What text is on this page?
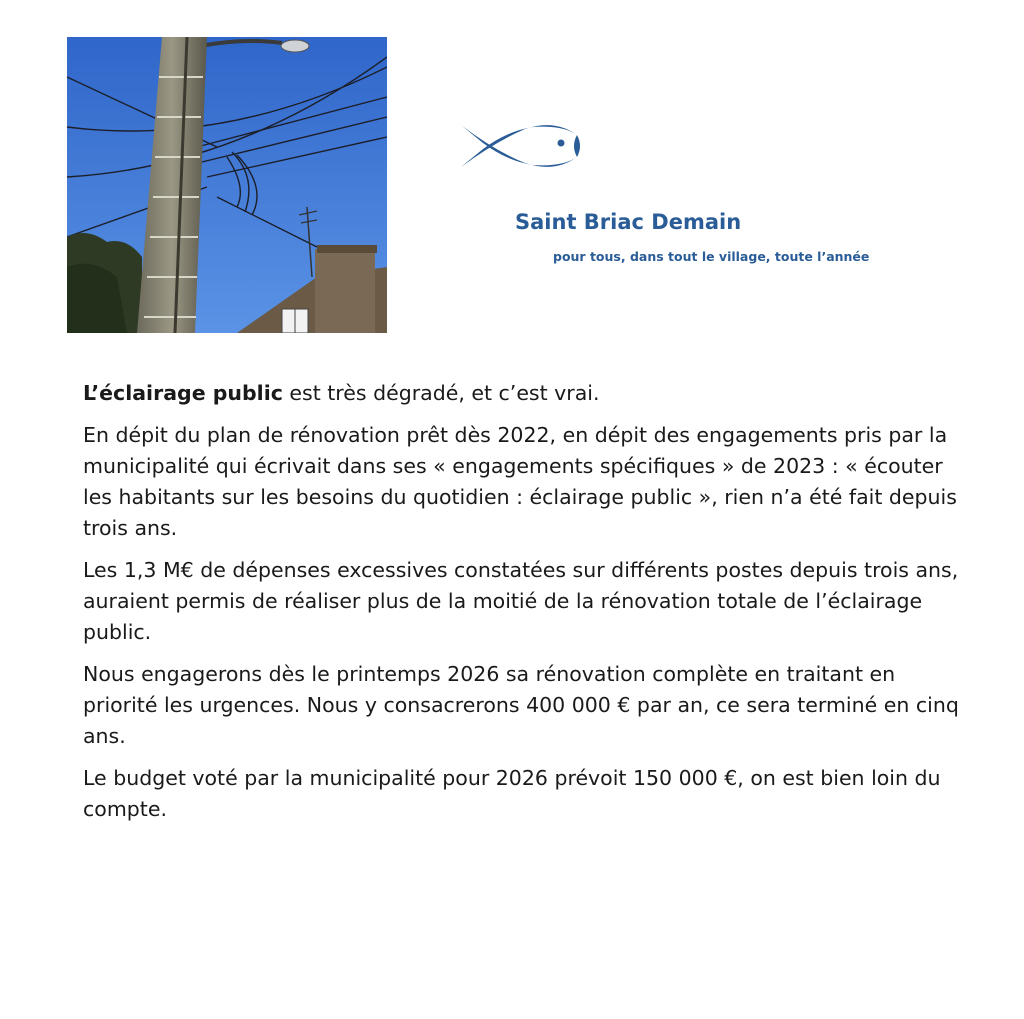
Saint Briac Demain
pour tous, dans tout le village, toute l’année

L’éclairage public est très dégradé, et c’est vrai.

En dépit du plan de rénovation prêt dès 2022, en dépit des engagements pris par la municipalité qui écrivait dans ses « engagements spécifiques » de 2023 : « écouter les habitants sur les besoins du quotidien : éclairage public », rien n’a été fait depuis trois ans.

Les 1,3 M€ de dépenses excessives constatées sur différents postes depuis trois ans, auraient permis de réaliser plus de la moitié de la rénovation totale de l’éclairage public.

Nous engagerons dès le printemps 2026 sa rénovation complète en traitant en priorité les urgences. Nous y consacrerons 400 000 € par an, ce sera terminé en cinq ans.

Le budget voté par la municipalité pour 2026 prévoit 150 000 €, on est bien loin du compte.
